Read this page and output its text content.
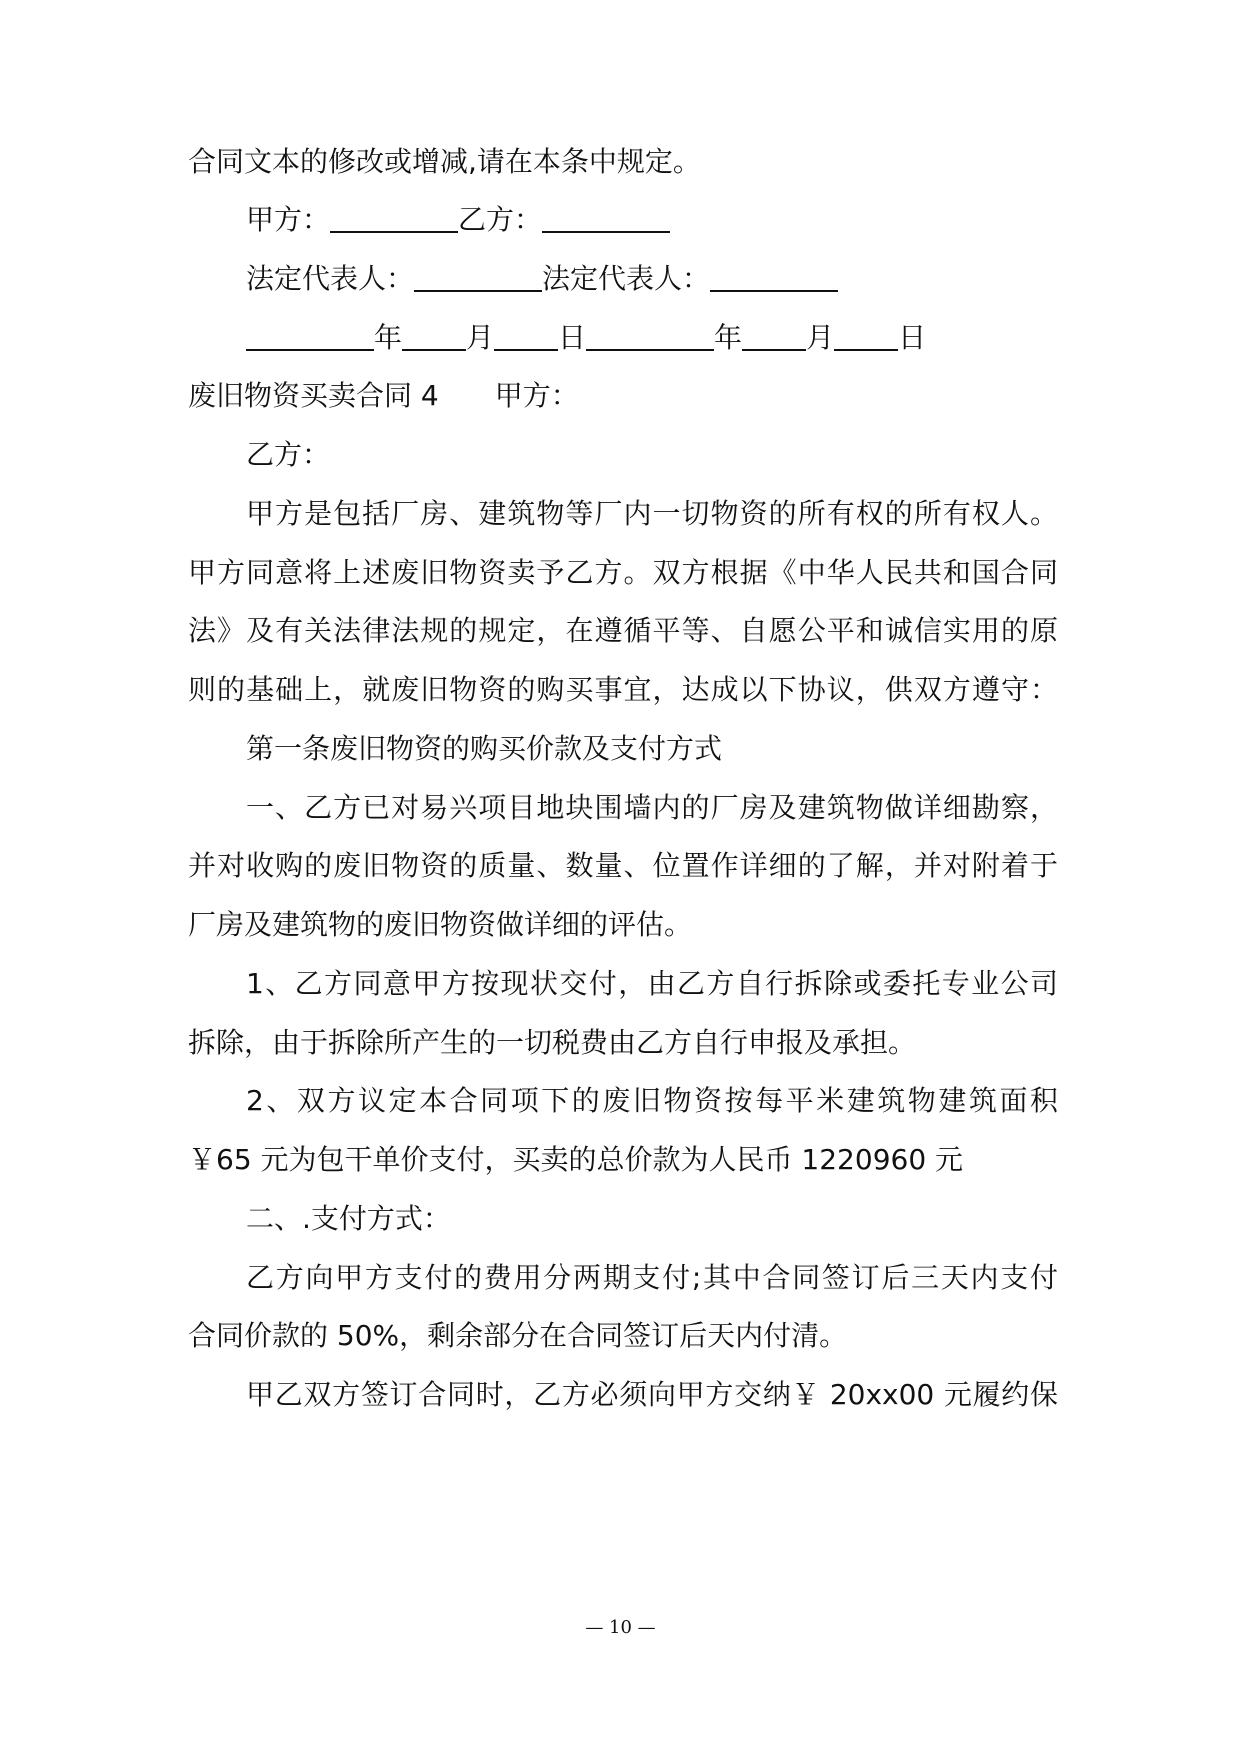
合同文本的修改或增减,请在本条中规定。
甲方：	乙方：
法定代表人：	法定代表人：
年 月 日	年 月 日
废旧物资买卖合同 4 甲方：
乙方：
甲方是包括厂房、建筑物等厂内一切物资的所有权的所有权人。
甲方同意将上述废旧物资卖予乙方。双方根据《中华人民共和国合同
法》及有关法律法规的规定，在遵循平等、自愿公平和诚信实用的原
则的基础上，就废旧物资的购买事宜，达成以下协议，供双方遵守：
第一条废旧物资的购买价款及支付方式
一、乙方已对易兴项目地块围墙内的厂房及建筑物做详细勘察，
并对收购的废旧物资的质量、数量、位置作详细的了解，并对附着于
厂房及建筑物的废旧物资做详细的评估。
1、乙方同意甲方按现状交付，由乙方自行拆除或委托专业公司
拆除，由于拆除所产生的一切税费由乙方自行申报及承担。
2、双方议定本合同项下的废旧物资按每平米建筑物建筑面积
￥65 元为包干单价支付，买卖的总价款为人民币 1220960 元
二、.支付方式：
乙方向甲方支付的费用分两期支付;其中合同签订后三天内支付
合同价款的 50%，剩余部分在合同签订后天内付清。
甲乙双方签订合同时，乙方必须向甲方交纳￥ 20xx00 元履约保
— 10 —
